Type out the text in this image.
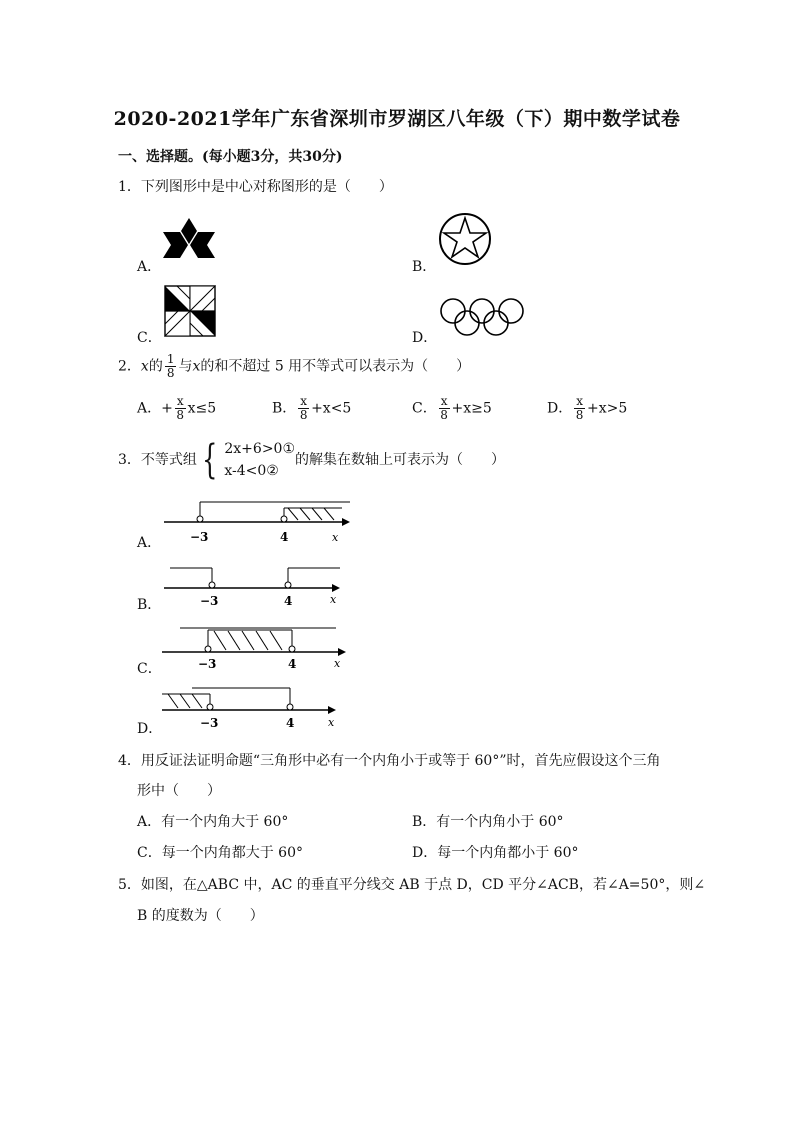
2020-2021学年广东省深圳市罗湖区八年级（下）期中数学试卷
一、选择题。(每小题3分，共30分)
1．下列图形中是中心对称图形的是（　　）
A．	B．
C．	D．
2．x的 $\frac{1}{8}$ 与x的和不超过 5 用不等式可以表示为（　　）
A．+ $\frac{x}{8} x\le 5$	B． $\frac{x}{8} +x<5$	C． $\frac{x}{8} +x\ge 5$	D． $\frac{x}{8} +x>5$
3．不等式组 { 2x+6>0①
x-4<0②
的解集在数轴上可表示为（　　）
A． −3	4	x
B．	−3	4	x
C．	−3	4	x
D．	−3	4	x
4．用反证法证明命题“三角形中必有一个内角小于或等于 60°”时，首先应假设这个三角
形中（　　）
A．有一个内角大于 60°	B．有一个内角小于 60°
C．每一个内角都大于 60°	D．每一个内角都小于 60°
5．如图，在△ABC 中，AC 的垂直平分线交 AB 于点 D，CD 平分∠ACB，若∠A=50°，则∠
B 的度数为（　　）
